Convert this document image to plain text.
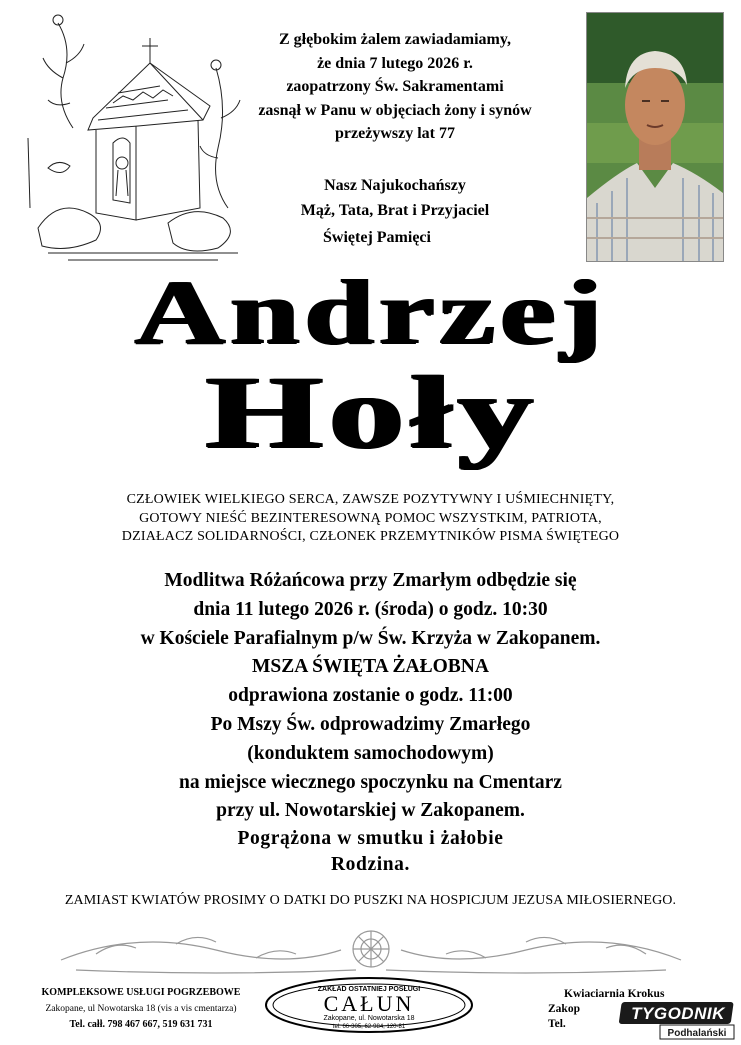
Z głębokim żalem zawiadamiamy,
że dnia 7 lutego 2026 r.
zaopatrzony Św. Sakramentami
zasnął w Panu w objęciach żony i synów
przeżywszy lat 77
Nasz Najukochańszy
Mąż, Tata, Brat i Przyjaciel
Świętej Pamięci
Andrzej
Hoły
CZŁOWIEK WIELKIEGO SERCA, ZAWSZE POZYTYWNY I UŚMIECHNIĘTY,
GOTOWY NIEŚĆ BEZINTERESOWNĄ POMOC WSZYSTKIM, PATRIOTA,
DZIAŁACZ SOLIDARNOŚCI, CZŁONEK PRZEMYTNIKÓW PISMA ŚWIĘTEGO
Modlitwa Różańcowa przy Zmarłym odbędzie się
dnia 11 lutego 2026 r. (środa) o godz. 10:30
w Kościele Parafialnym p/w Św. Krzyża w Zakopanem.
MSZA ŚWIĘTA ŻAŁOBNA
odprawiona zostanie o godz. 11:00
Po Mszy Św. odprowadzimy Zmarłego
(konduktem samochodowym)
na miejsce wiecznego spoczynku na Cmentarz
przy ul. Nowotarskiej w Zakopanem.
Pogrążona w smutku i żałobie
Rodzina.
ZAMIAST KWIATÓW PROSIMY O DATKI DO PUSZKI NA HOSPICJUM JEZUSA MIŁOSIERNEGO.
KOMPLEKSOWE USŁUGI POGRZEBOWE
Zakopane, ul Nowotarska 18 (vis a vis cmentarza)
Tel. całł. 798 467 667, 519 631 731
ZAKŁAD OSTATNIEJ POSŁUGI
CAŁUN
Zakopane, ul. Nowotarska 18
tel. 66-305, 62-984, 120-81
Kwiaciarnia Krokus
Zakop
Tel.
TYGODNIK
Podhalański
